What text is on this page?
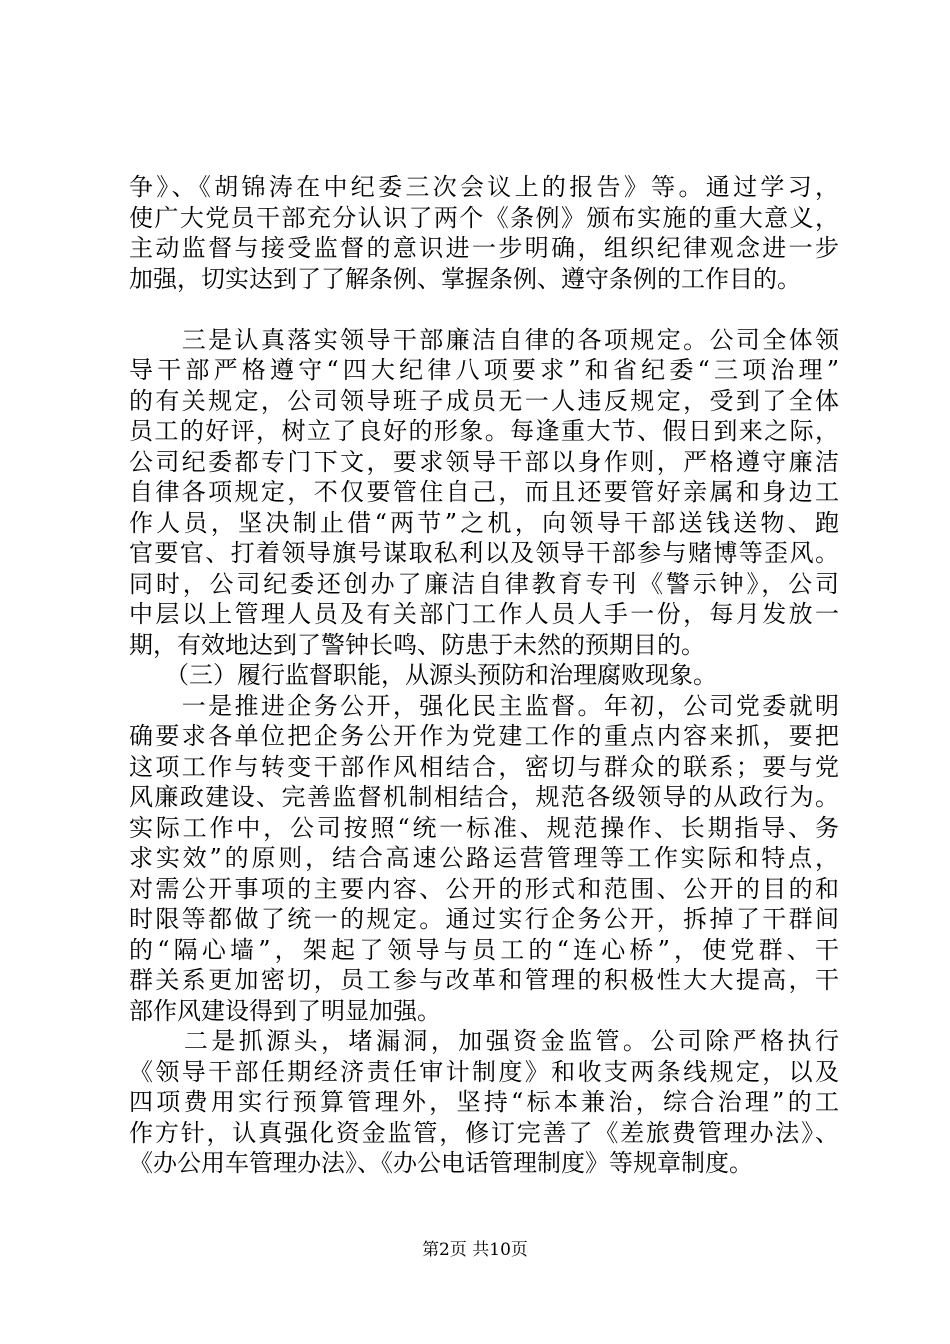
争》、《胡锦涛在中纪委三次会议上的报告》等。通过学习，
使广大党员干部充分认识了两个《条例》颁布实施的重大意义，
主动监督与接受监督的意识进一步明确，组织纪律观念进一步
加强，切实达到了了解条例、掌握条例、遵守条例的工作目的。
　　三是认真落实领导干部廉洁自律的各项规定。公司全体领
导干部严格遵守“四大纪律八项要求”和省纪委“三项治理”
的有关规定，公司领导班子成员无一人违反规定，受到了全体
员工的好评，树立了良好的形象。每逢重大节、假日到来之际，
公司纪委都专门下文，要求领导干部以身作则，严格遵守廉洁
自律各项规定，不仅要管住自己，而且还要管好亲属和身边工
作人员，坚决制止借“两节”之机，向领导干部送钱送物、跑
官要官、打着领导旗号谋取私利以及领导干部参与赌博等歪风。
同时，公司纪委还创办了廉洁自律教育专刊《警示钟》，公司
中层以上管理人员及有关部门工作人员人手一份，每月发放一
期，有效地达到了警钟长鸣、防患于未然的预期目的。
　　（三）履行监督职能，从源头预防和治理腐败现象。
　　一是推进企务公开，强化民主监督。年初，公司党委就明
确要求各单位把企务公开作为党建工作的重点内容来抓，要把
这项工作与转变干部作风相结合，密切与群众的联系；要与党
风廉政建设、完善监督机制相结合，规范各级领导的从政行为。
实际工作中，公司按照“统一标准、规范操作、长期指导、务
求实效”的原则，结合高速公路运营管理等工作实际和特点，
对需公开事项的主要内容、公开的形式和范围、公开的目的和
时限等都做了统一的规定。通过实行企务公开，拆掉了干群间
的“隔心墙”，架起了领导与员工的“连心桥”，使党群、干
群关系更加密切，员工参与改革和管理的积极性大大提高，干
部作风建设得到了明显加强。
　　二是抓源头，堵漏洞，加强资金监管。公司除严格执行
《领导干部任期经济责任审计制度》和收支两条线规定，以及
四项费用实行预算管理外，坚持“标本兼治，综合治理”的工
作方针，认真强化资金监管，修订完善了《差旅费管理办法》、
《办公用车管理办法》、《办公电话管理制度》等规章制度。
第2页 共10页
